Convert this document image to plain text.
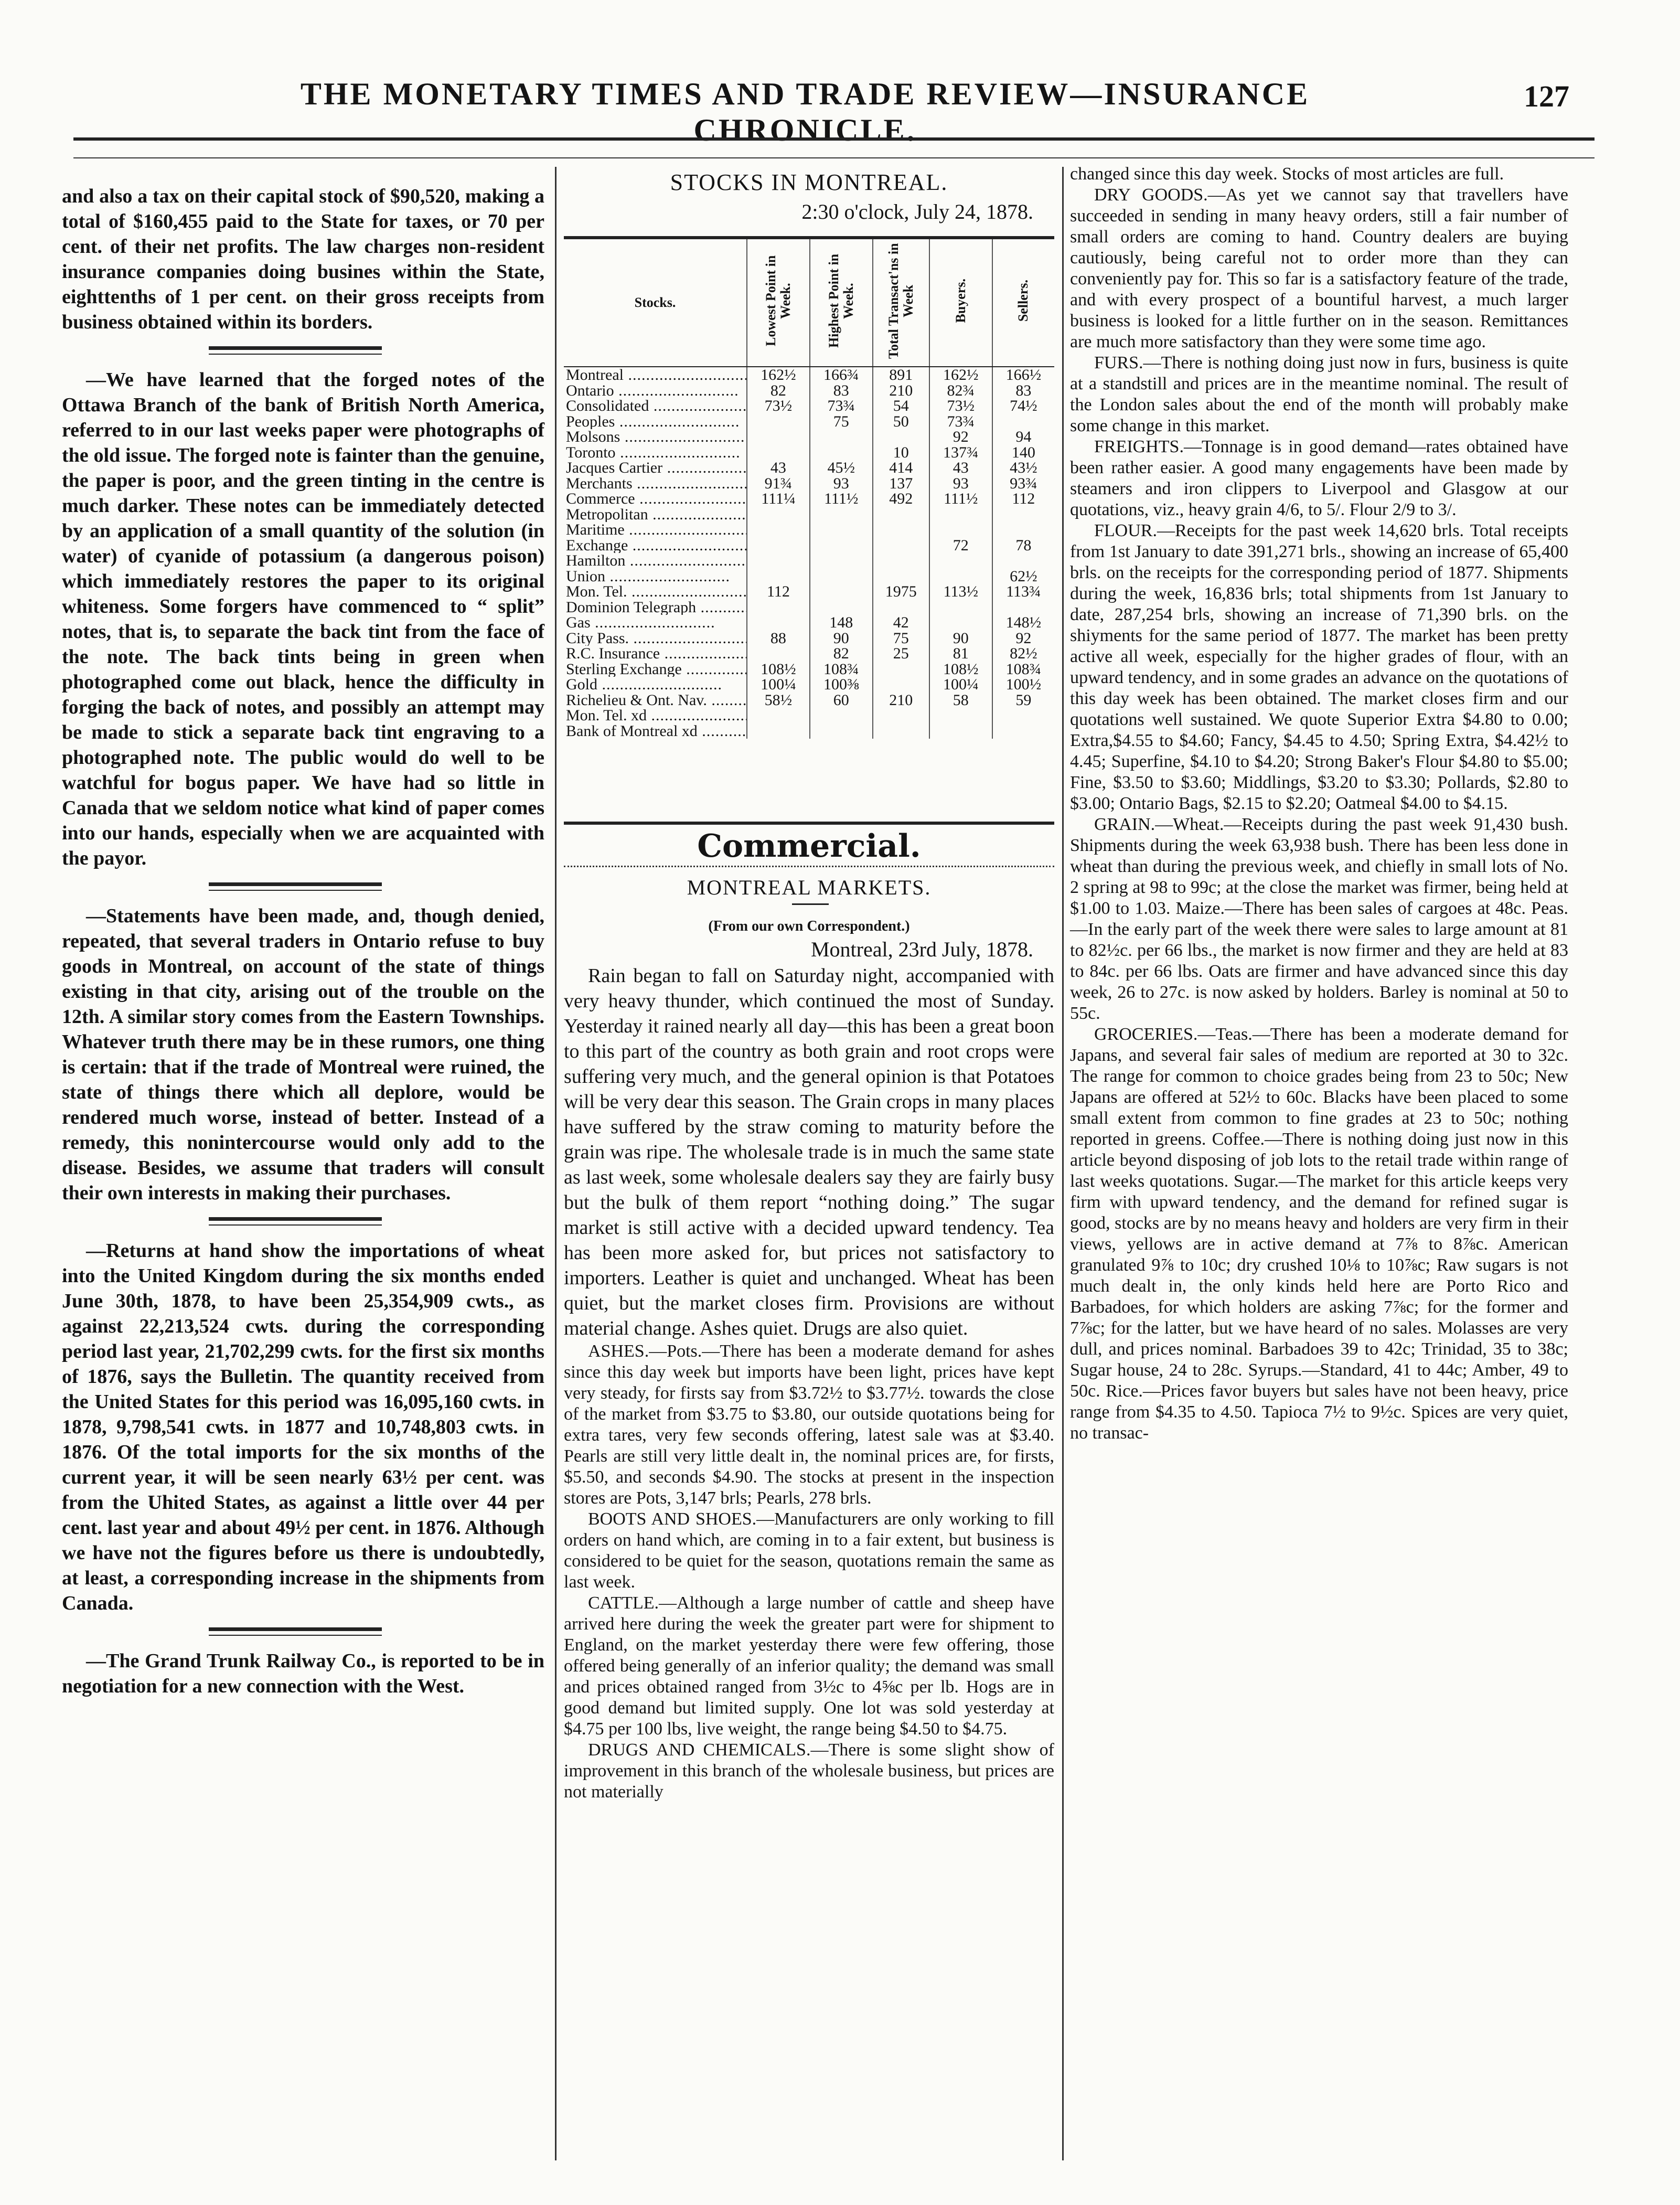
THE MONETARY TIMES AND TRADE REVIEW—INSURANCE CHRONICLE.
127

and also a tax on their capital stock of $90,520, making a total of $160,455 paid to the State for taxes, or 70 per cent. of their net profits. The law charges non-resident insurance companies doing busines within the State, eighttenths of 1 per cent. on their gross receipts from business obtained within its borders.

—We have learned that the forged notes of the Ottawa Branch of the bank of British North America, referred to in our last weeks paper were photographs of the old issue. The forged note is fainter than the genuine, the paper is poor, and the green tinting in the centre is much darker. These notes can be immediately detected by an application of a small quantity of the solution (in water) of cyanide of potassium (a dangerous poison) which immediately restores the paper to its original whiteness. Some forgers have commenced to “ split” notes, that is, to separate the back tint from the face of the note. The back tints being in green when photographed come out black, hence the difficulty in forging the back of notes, and possibly an attempt may be made to stick a separate back tint engraving to a photographed note. The public would do well to be watchful for bogus paper. We have had so little in Canada that we seldom notice what kind of paper comes into our hands, especially when we are acquainted with the payor.

—Statements have been made, and, though denied, repeated, that several traders in Ontario refuse to buy goods in Montreal, on account of the state of things existing in that city, arising out of the trouble on the 12th. A similar story comes from the Eastern Townships. Whatever truth there may be in these rumors, one thing is certain: that if the trade of Montreal were ruined, the state of things there which all deplore, would be rendered much worse, instead of better. Instead of a remedy, this nonintercourse would only add to the disease. Besides, we assume that traders will consult their own interests in making their purchases.

—Returns at hand show the importations of wheat into the United Kingdom during the six months ended June 30th, 1878, to have been 25,354,909 cwts., as against 22,213,524 cwts. during the corresponding period last year, 21,702,299 cwts. for the first six months of 1876, says the Bulletin. The quantity received from the United States for this period was 16,095,160 cwts. in 1878, 9,798,541 cwts. in 1877 and 10,748,803 cwts. in 1876. Of the total imports for the six months of the current year, it will be seen nearly 63½ per cent. was from the Uhited States, as against a little over 44 per cent. last year and about 49½ per cent. in 1876. Although we have not the figures before us there is undoubtedly, at least, a corresponding increase in the shipments from Canada.

—The Grand Trunk Railway Co., is reported to be in negotiation for a new connection with the West.

STOCKS IN MONTREAL.
2:30 o'clock, July 24, 1878.
Stocks.	Lowest Point in Week.	Highest Point in Week.	Total Transact'ns in Week	Buyers.	Sellers.
Montreal .....	162½	166¾	891	162½	166½
Ontario .....	82	83	210	82¾	83
Consolidated .....	73½	73¾	54	73½	74½
Peoples .....		75	50	73¾	
Molsons .....				92	94
Toronto .....			10	137¾	140
Jacques Cartier .....	43	45½	414	43	43½
Merchants .....	91¾	93	137	93	93¾
Commerce .....	111¼	111½	492	111½	112
Metropolitan .....					
Maritime .....					
Exchange .....				72	78
Hamilton .....					
Union .....					62½
Mon. Tel. .....	112		1975	113½	113¾
Dominion Telegraph .....					
Gas .....		148	42		148½
City Pass. .....	88	90	75	90	92
R.C. Insurance .....		82	25	81	82½
Sterling Exchange .....	108½	108¾		108½	108¾
Gold .....	100¼	100⅜		100¼	100½
Richelieu & Ont. Nav. .....	58½	60	210	58	59
Mon. Tel. xd .....					
Bank of Montreal xd .....					
Commercial.
MONTREAL MARKETS.
(From our own Correspondent.)
Montreal, 23rd July, 1878.

Rain began to fall on Saturday night, accompanied with very heavy thunder, which continued the most of Sunday. Yesterday it rained nearly all day—this has been a great boon to this part of the country as both grain and root crops were suffering very much, and the general opinion is that Potatoes will be very dear this season. The Grain crops in many places have suffered by the straw coming to maturity before the grain was ripe. The wholesale trade is in much the same state as last week, some wholesale dealers say they are fairly busy but the bulk of them report “nothing doing.” The sugar market is still active with a decided upward tendency. Tea has been more asked for, but prices not satisfactory to importers. Leather is quiet and unchanged. Wheat has been quiet, but the market closes firm. Provisions are without material change. Ashes quiet. Drugs are also quiet.

ASHES.—Pots.—There has been a moderate demand for ashes since this day week but imports have been light, prices have kept very steady, for firsts say from $3.72½ to $3.77½. towards the close of the market from $3.75 to $3.80, our outside quotations being for extra tares, very few seconds offering, latest sale was at $3.40. Pearls are still very little dealt in, the nominal prices are, for firsts, $5.50, and seconds $4.90. The stocks at present in the inspection stores are Pots, 3,147 brls; Pearls, 278 brls.

BOOTS AND SHOES.—Manufacturers are only working to fill orders on hand which, are coming in to a fair extent, but business is considered to be quiet for the season, quotations remain the same as last week.

CATTLE.—Although a large number of cattle and sheep have arrived here during the week the greater part were for shipment to England, on the market yesterday there were few offering, those offered being generally of an inferior quality; the demand was small and prices obtained ranged from 3½c to 4⅝c per lb. Hogs are in good demand but limited supply. One lot was sold yesterday at $4.75 per 100 lbs, live weight, the range being $4.50 to $4.75.

DRUGS AND CHEMICALS.—There is some slight show of improvement in this branch of the wholesale business, but prices are not materially

changed since this day week. Stocks of most articles are full.

DRY GOODS.—As yet we cannot say that travellers have succeeded in sending in many heavy orders, still a fair number of small orders are coming to hand. Country dealers are buying cautiously, being careful not to order more than they can conveniently pay for. This so far is a satisfactory feature of the trade, and with every prospect of a bountiful harvest, a much larger business is looked for a little further on in the season. Remittances are much more satisfactory than they were some time ago.

FURS.—There is nothing doing just now in furs, business is quite at a standstill and prices are in the meantime nominal. The result of the London sales about the end of the month will probably make some change in this market.

FREIGHTS.—Tonnage is in good demand—rates obtained have been rather easier. A good many engagements have been made by steamers and iron clippers to Liverpool and Glasgow at our quotations, viz., heavy grain 4/6, to 5/. Flour 2/9 to 3/.

FLOUR.—Receipts for the past week 14,620 brls. Total receipts from 1st January to date 391,271 brls., showing an increase of 65,400 brls. on the receipts for the corresponding period of 1877. Shipments during the week, 16,836 brls; total shipments from 1st January to date, 287,254 brls, showing an increase of 71,390 brls. on the shiyments for the same period of 1877. The market has been pretty active all week, especially for the higher grades of flour, with an upward tendency, and in some grades an advance on the quotations of this day week has been obtained. The market closes firm and our quotations well sustained. We quote Superior Extra $4.80 to 0.00; Extra,$4.55 to $4.60; Fancy, $4.45 to 4.50; Spring Extra, $4.42½ to 4.45; Superfine, $4.10 to $4.20; Strong Baker's Flour $4.80 to $5.00; Fine, $3.50 to $3.60; Middlings, $3.20 to $3.30; Pollards, $2.80 to $3.00; Ontario Bags, $2.15 to $2.20; Oatmeal $4.00 to $4.15.

GRAIN.—Wheat.—Receipts during the past week 91,430 bush. Shipments during the week 63,938 bush. There has been less done in wheat than during the previous week, and chiefly in small lots of No. 2 spring at 98 to 99c; at the close the market was firmer, being held at $1.00 to 1.03. Maize.—There has been sales of cargoes at 48c. Peas.—In the early part of the week there were sales to large amount at 81 to 82½c. per 66 lbs., the market is now firmer and they are held at 83 to 84c. per 66 lbs. Oats are firmer and have advanced since this day week, 26 to 27c. is now asked by holders. Barley is nominal at 50 to 55c.

GROCERIES.—Teas.—There has been a moderate demand for Japans, and several fair sales of medium are reported at 30 to 32c. The range for common to choice grades being from 23 to 50c; New Japans are offered at 52½ to 60c. Blacks have been placed to some small extent from common to fine grades at 23 to 50c; nothing reported in greens. Coffee.—There is nothing doing just now in this article beyond disposing of job lots to the retail trade within range of last weeks quotations. Sugar.—The market for this article keeps very firm with upward tendency, and the demand for refined sugar is good, stocks are by no means heavy and holders are very firm in their views, yellows are in active demand at 7⅞ to 8⅞c. American granulated 9⅞ to 10c; dry crushed 10⅛ to 10⅞c; Raw sugars is not much dealt in, the only kinds held here are Porto Rico and Barbadoes, for which holders are asking 7⅞c; for the former and 7⅞c; for the latter, but we have heard of no sales. Molasses are very dull, and prices nominal. Barbadoes 39 to 42c; Trinidad, 35 to 38c; Sugar house, 24 to 28c. Syrups.—Standard, 41 to 44c; Amber, 49 to 50c. Rice.—Prices favor buyers but sales have not been heavy, price range from $4.35 to 4.50. Tapioca 7½ to 9½c. Spices are very quiet, no transac-
